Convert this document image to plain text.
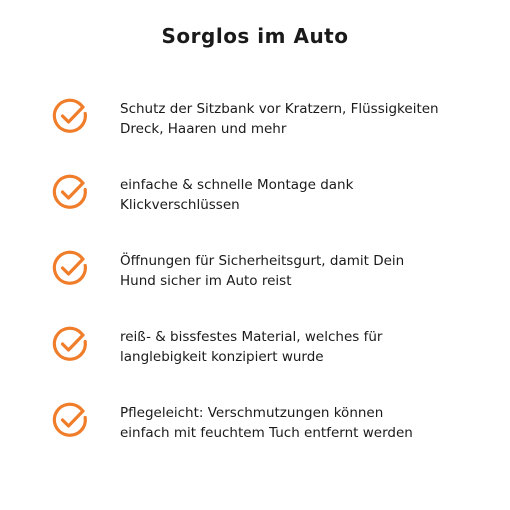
Sorglos im Auto
Schutz der Sitzbank vor Kratzern, Flüssigkeiten
Dreck, Haaren und mehr
einfache & schnelle Montage dank
Klickverschlüssen
Öffnungen für Sicherheitsgurt, damit Dein
Hund sicher im Auto reist
reiß- & bissfestes Material, welches für
langlebigkeit konzipiert wurde
Pflegeleicht: Verschmutzungen können
einfach mit feuchtem Tuch entfernt werden
